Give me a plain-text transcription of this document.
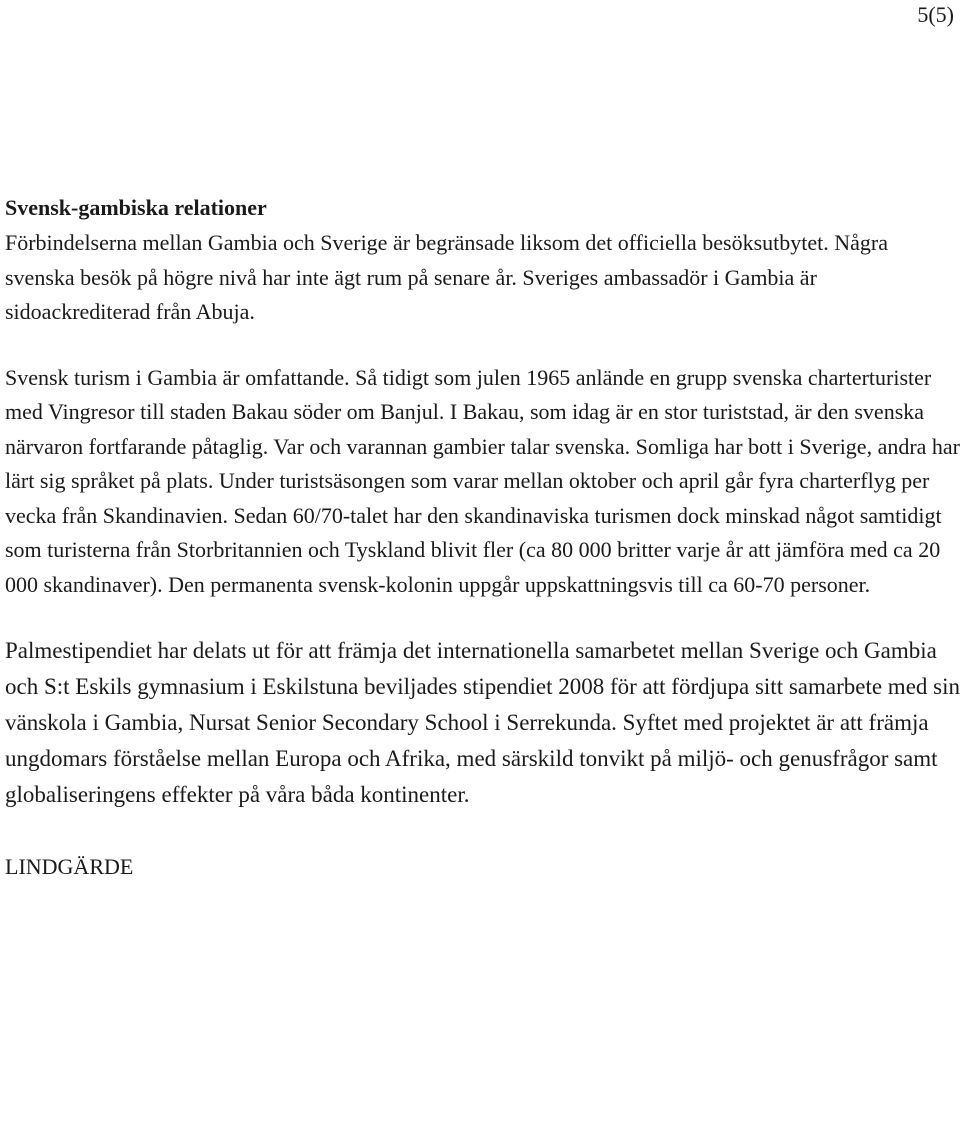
5(5)
Svensk-gambiska relationer

Förbindelserna mellan Gambia och Sverige är begränsade liksom det officiella besöksutbytet. Några svenska besök på högre nivå har inte ägt rum på senare år. Sveriges ambassadör i Gambia är sidoackrediterad från Abuja.

Svensk turism i Gambia är omfattande. Så tidigt som julen 1965 anlände en grupp svenska charterturister med Vingresor till staden Bakau söder om Banjul. I Bakau, som idag är en stor turiststad, är den svenska närvaron fortfarande påtaglig. Var och varannan gambier talar svenska. Somliga har bott i Sverige, andra har lärt sig språket på plats. Under turistsäsongen som varar mellan oktober och april går fyra charterflyg per vecka från Skandinavien. Sedan 60/70-talet har den skandinaviska turismen dock minskad något samtidigt som turisterna från Storbritannien och Tyskland blivit fler (ca 80 000 britter varje år att jämföra med ca 20 000 skandinaver). Den permanenta svensk-kolonin uppgår uppskattningsvis till ca 60-70 personer.

Palmestipendiet har delats ut för att främja det internationella samarbetet mellan Sverige och Gambia och S:t Eskils gymnasium i Eskilstuna beviljades stipendiet 2008 för att fördjupa sitt samarbete med sin vänskola i Gambia, Nursat Senior Secondary School i Serrekunda. Syftet med projektet är att främja ungdomars förståelse mellan Europa och Afrika, med särskild tonvikt på miljö- och genusfrågor samt globaliseringens effekter på våra båda kontinenter.

LINDGÄRDE
